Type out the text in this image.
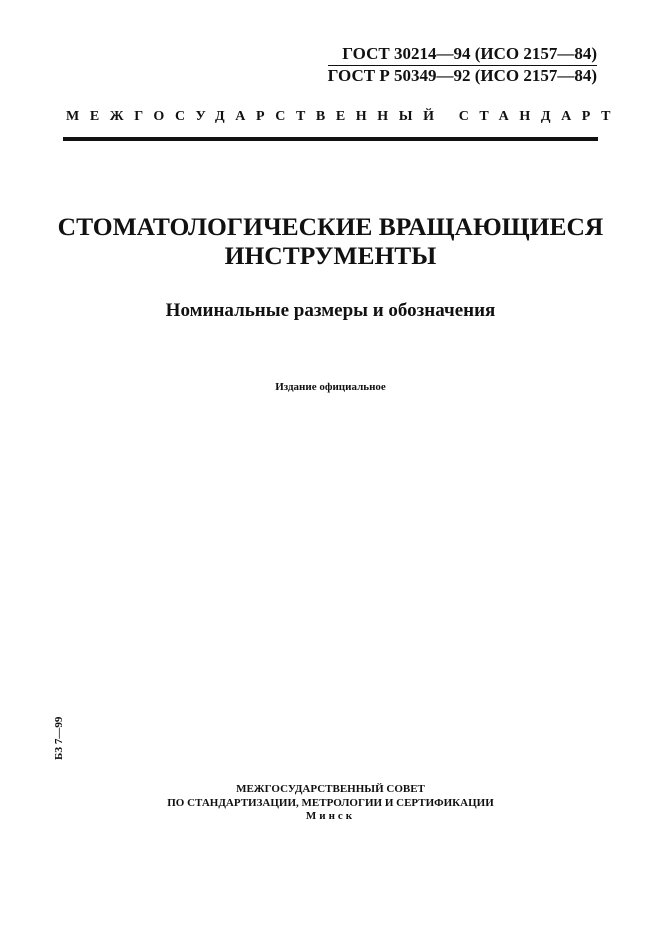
ГОСТ 30214—94 (ИСО 2157—84)
ГОСТ Р 50349—92 (ИСО 2157—84)
МЕЖГОСУДАРСТВЕННЫЙ СТАНДАРТ
СТОМАТОЛОГИЧЕСКИЕ ВРАЩАЮЩИЕСЯ
ИНСТРУМЕНТЫ
Номинальные размеры и обозначения
Издание официальное
БЗ 7—99
МЕЖГОСУДАРСТВЕННЫЙ СОВЕТ
ПО СТАНДАРТИЗАЦИИ, МЕТРОЛОГИИ И СЕРТИФИКАЦИИ
Минск
